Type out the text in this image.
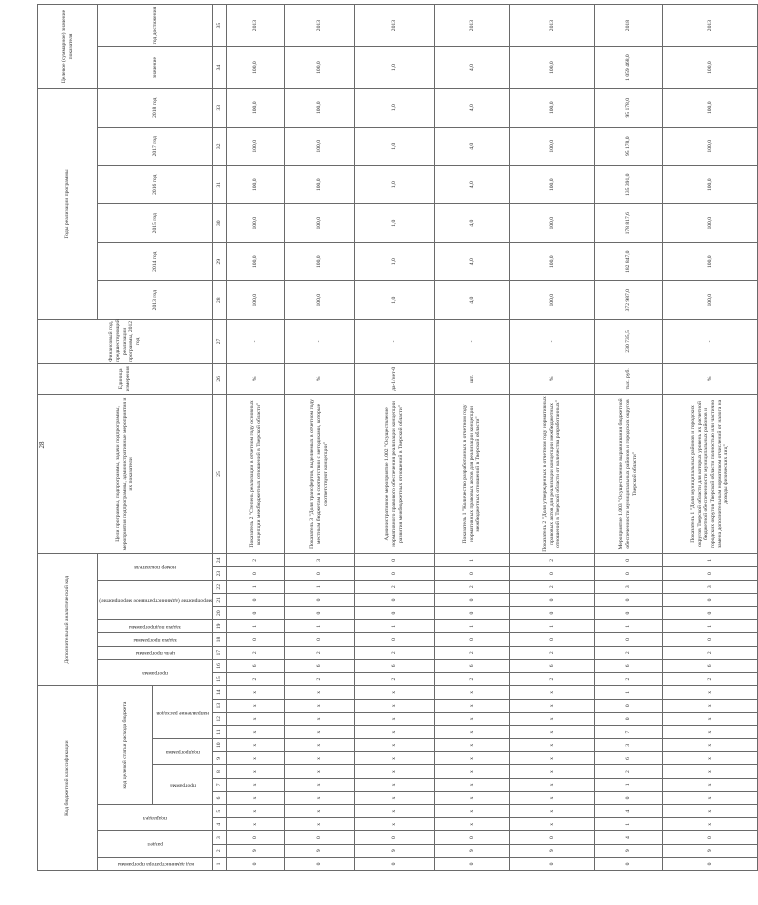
28
Код бюджетной классификации														Дополнительный аналитический код										Цели программы, подпрограммы, задачи подпрограммы, мероприятия подпрограммы, административные мероприятия и их показатели	Единица измерения	Финансовый год, предшествующий реализации программы, 2012 год	Годы реализации программы						Целевое (суммарное) значение показателя	
код администратора программы	раздел		подраздел		код целевой статьи расхода бюджета									программа		цель программы	задача программы	задача подпрограммы	мероприятие (административное мероприятие)			номер показателя					2013 год	2014 год	2015 год	2016 год	2017 год	2018 год	значение	год достижения
					программа			подпрограмма		направление расходов																								
1	2	3	4	5	6	7	8	9	10	11	12	13	14	15	16	17	18	19	20	21	22	23	24	25	26	27	28	29	30	31	32	33	34	35
0	9	0	x	x	x	x	x	x	x	x	x	x	x	2	6	2	0	1	0	0	1	0	2	Показатель 2 "Степень реализации в отчетном году основных концепции межбюджетных отношений в Тверской области"	%	-	100,0	100,0	100,0	100,0	100,0	100,0	100,0	2013
0	9	0	x	x	x	x	x	x	x	x	x	x	x	2	6	2	0	1	0	0	1	0	3	Показатель 3 "Доля трансфертов, выделяемых в отчетном году местным бюджетам в соответствии с методиками, которые соответствуют концепции"	%	-	100,0	100,0	100,0	100,0	100,0	100,0	100,0	2013
0	9	0	x	x	x	x	x	x	x	x	x	x	x	2	6	2	0	1	0	0	2	0	0	Административное мероприятие 1.002 "Осуществление нормативного правового обеспечения реализации концепции развития межбюджетных отношений в Тверской области"	да-1/нет-0	-	1,0	1,0	1,0	1,0	1,0	1,0	1,0	2013
0	9	0	x	x	x	x	x	x	x	x	x	x	x	2	6	2	0	1	0	0	2	0	1	Показатель 1 "Количество разработанных в отчетном году нормативных правовых актов для реализации концепции межбюджетных отношений в Тверской области"	шт.	-	4,0	4,0	4,0	4,0	4,0	4,0	4,0	2013
0	9	0	x	x	x	x	x	x	x	x	x	x	x	2	6	2	0	1	0	0	2	0	2	Показатель 2 "Доля утвержденных в отчетном году нормативных правовых актов для реализации концепции межбюджетных отношений в Тверской области от количества разработанных"	%	-	100,0	100,0	100,0	100,0	100,0	100,0	100,0	2013
0	9	4	1	4	0	1	2	6	3	7	0	0	1	2	6	2	0	1	0	0	3	0	0	Мероприятие 1.003 "Осуществление выравнивания бюджетной обеспеченности муниципальных районов и городских округов Тверской области"	тыс. руб.	230 735,5	372 987,0	182 847,0	178 817,6	135 391,0	95 178,0	95 178,0	1 059 468,0	2018
0	9	0	x	x	x	x	x	x	x	x	x	x	x	2	6	2	0	1	0	0	3	0	1	Показатель 1 "Доля муниципальных районов и городских округов Тверской области для которых уровень их расчетной бюджетной обеспеченности муниципальных районов и городских округов Тверской области полностью или частично замена дополнительным нормативом отчислений от налога на доходы физических лиц"	%	-	100,0	100,0	100,0	100,0	100,0	100,0	100,0	2013
